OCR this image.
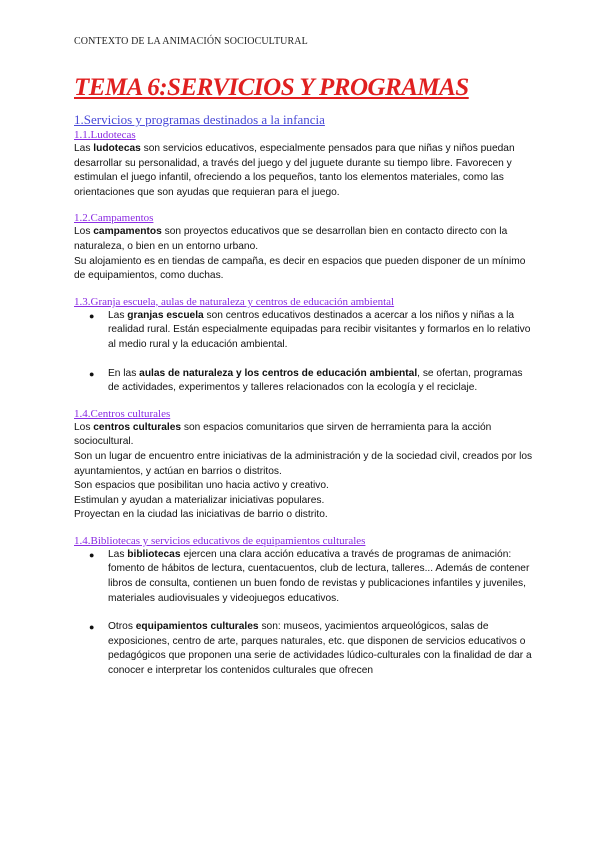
CONTEXTO DE LA ANIMACIÓN SOCIOCULTURAL
TEMA 6:SERVICIOS Y PROGRAMAS
1.Servicios y programas destinados a la infancia
1.1.Ludotecas

Las ludotecas son servicios educativos, especialmente pensados para que niñas y niños puedan desarrollar su personalidad, a través del juego y del juguete durante su tiempo libre. Favorecen y estimulan el juego infantil, ofreciendo a los pequeños, tanto los elementos materiales, como las orientaciones que son ayudas que requieran para el juego.

1.2.Campamentos

Los campamentos son proyectos educativos que se desarrollan bien en contacto directo con la naturaleza, o bien en un entorno urbano.

Su alojamiento es en tiendas de campaña, es decir en espacios que pueden disponer de un mínimo de equipamientos, como duchas.

1.3.Granja escuela, aulas de naturaleza y centros de educación ambiental
● Las granjas escuela son centros educativos destinados a acercar a los niños y niñas a la realidad rural. Están especialmente equipadas para recibir visitantes y formarlos en lo relativo al medio rural y la educación ambiental.
● En las aulas de naturaleza y los centros de educación ambiental, se ofertan, programas de actividades, experimentos y talleres relacionados con la ecología y el reciclaje.
1.4.Centros culturales

Los centros culturales son espacios comunitarios que sirven de herramienta para la acción sociocultural.

Son un lugar de encuentro entre iniciativas de la administración y de la sociedad civil, creados por los ayuntamientos, y actúan en barrios o distritos.

Son espacios que posibilitan uno hacia activo y creativo.

Estimulan y ayudan a materializar iniciativas populares.

Proyectan en la ciudad las iniciativas de barrio o distrito.

1.4.Bibliotecas y servicios educativos de equipamientos culturales
● Las bibliotecas ejercen una clara acción educativa a través de programas de animación: fomento de hábitos de lectura, cuentacuentos, club de lectura, talleres... Además de contener libros de consulta, contienen un buen fondo de revistas y publicaciones infantiles y juveniles, materiales audiovisuales y videojuegos educativos.
● Otros equipamientos culturales son: museos, yacimientos arqueológicos, salas de exposiciones, centro de arte, parques naturales, etc. que disponen de servicios educativos o pedagógicos que proponen una serie de actividades lúdico-culturales con la finalidad de dar a conocer e interpretar los contenidos culturales que ofrecen
